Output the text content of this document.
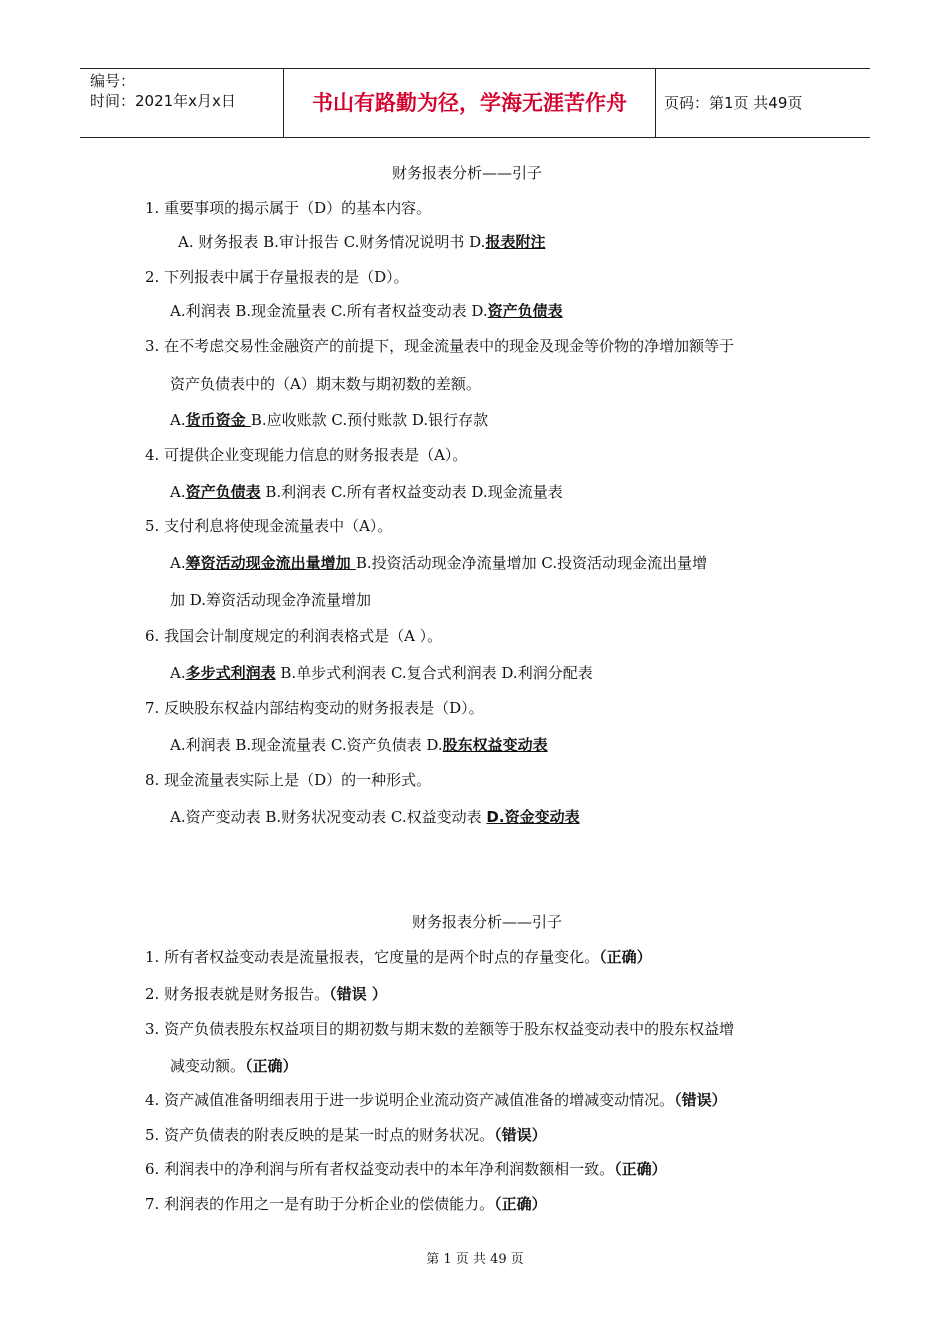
编号：
时间：2021年x月x日	书山有路勤为径，学海无涯苦作舟	页码：第1页 共49页
财务报表分析——引子
1. 重要事项的揭示属于（D）的基本内容。
A. 财务报表 B.审计报告 C.财务情况说明书 D.报表附注
2. 下列报表中属于存量报表的是（D）。
A.利润表 B.现金流量表 C.所有者权益变动表 D.资产负债表
3. 在不考虑交易性金融资产的前提下，现金流量表中的现金及现金等价物的净增加额等于
资产负债表中的（A）期末数与期初数的差额。
A.货币资金 B.应收账款 C.预付账款 D.银行存款
4. 可提供企业变现能力信息的财务报表是（A）。
A.资产负债表 B.利润表 C.所有者权益变动表 D.现金流量表
5. 支付利息将使现金流量表中（A）。
A.筹资活动现金流出量增加 B.投资活动现金净流量增加 C.投资活动现金流出量增
加 D.筹资活动现金净流量增加
6. 我国会计制度规定的利润表格式是（A ）。
A.多步式利润表 B.单步式利润表 C.复合式利润表 D.利润分配表
7. 反映股东权益内部结构变动的财务报表是（D）。
A.利润表 B.现金流量表 C.资产负债表 D.股东权益变动表
8. 现金流量表实际上是（D）的一种形式。
A.资产变动表 B.财务状况变动表 C.权益变动表 D.资金变动表
财务报表分析——引子
1. 所有者权益变动表是流量报表，它度量的是两个时点的存量变化。（正确）
2. 财务报表就是财务报告。（错误 ）
3. 资产负债表股东权益项目的期初数与期末数的差额等于股东权益变动表中的股东权益增
减变动额。（正确）
4. 资产减值准备明细表用于进一步说明企业流动资产减值准备的增减变动情况。（错误）
5. 资产负债表的附表反映的是某一时点的财务状况。（错误）
6. 利润表中的净利润与所有者权益变动表中的本年净利润数额相一致。（正确）
7. 利润表的作用之一是有助于分析企业的偿债能力。（正确）
第 1 页 共 49 页
